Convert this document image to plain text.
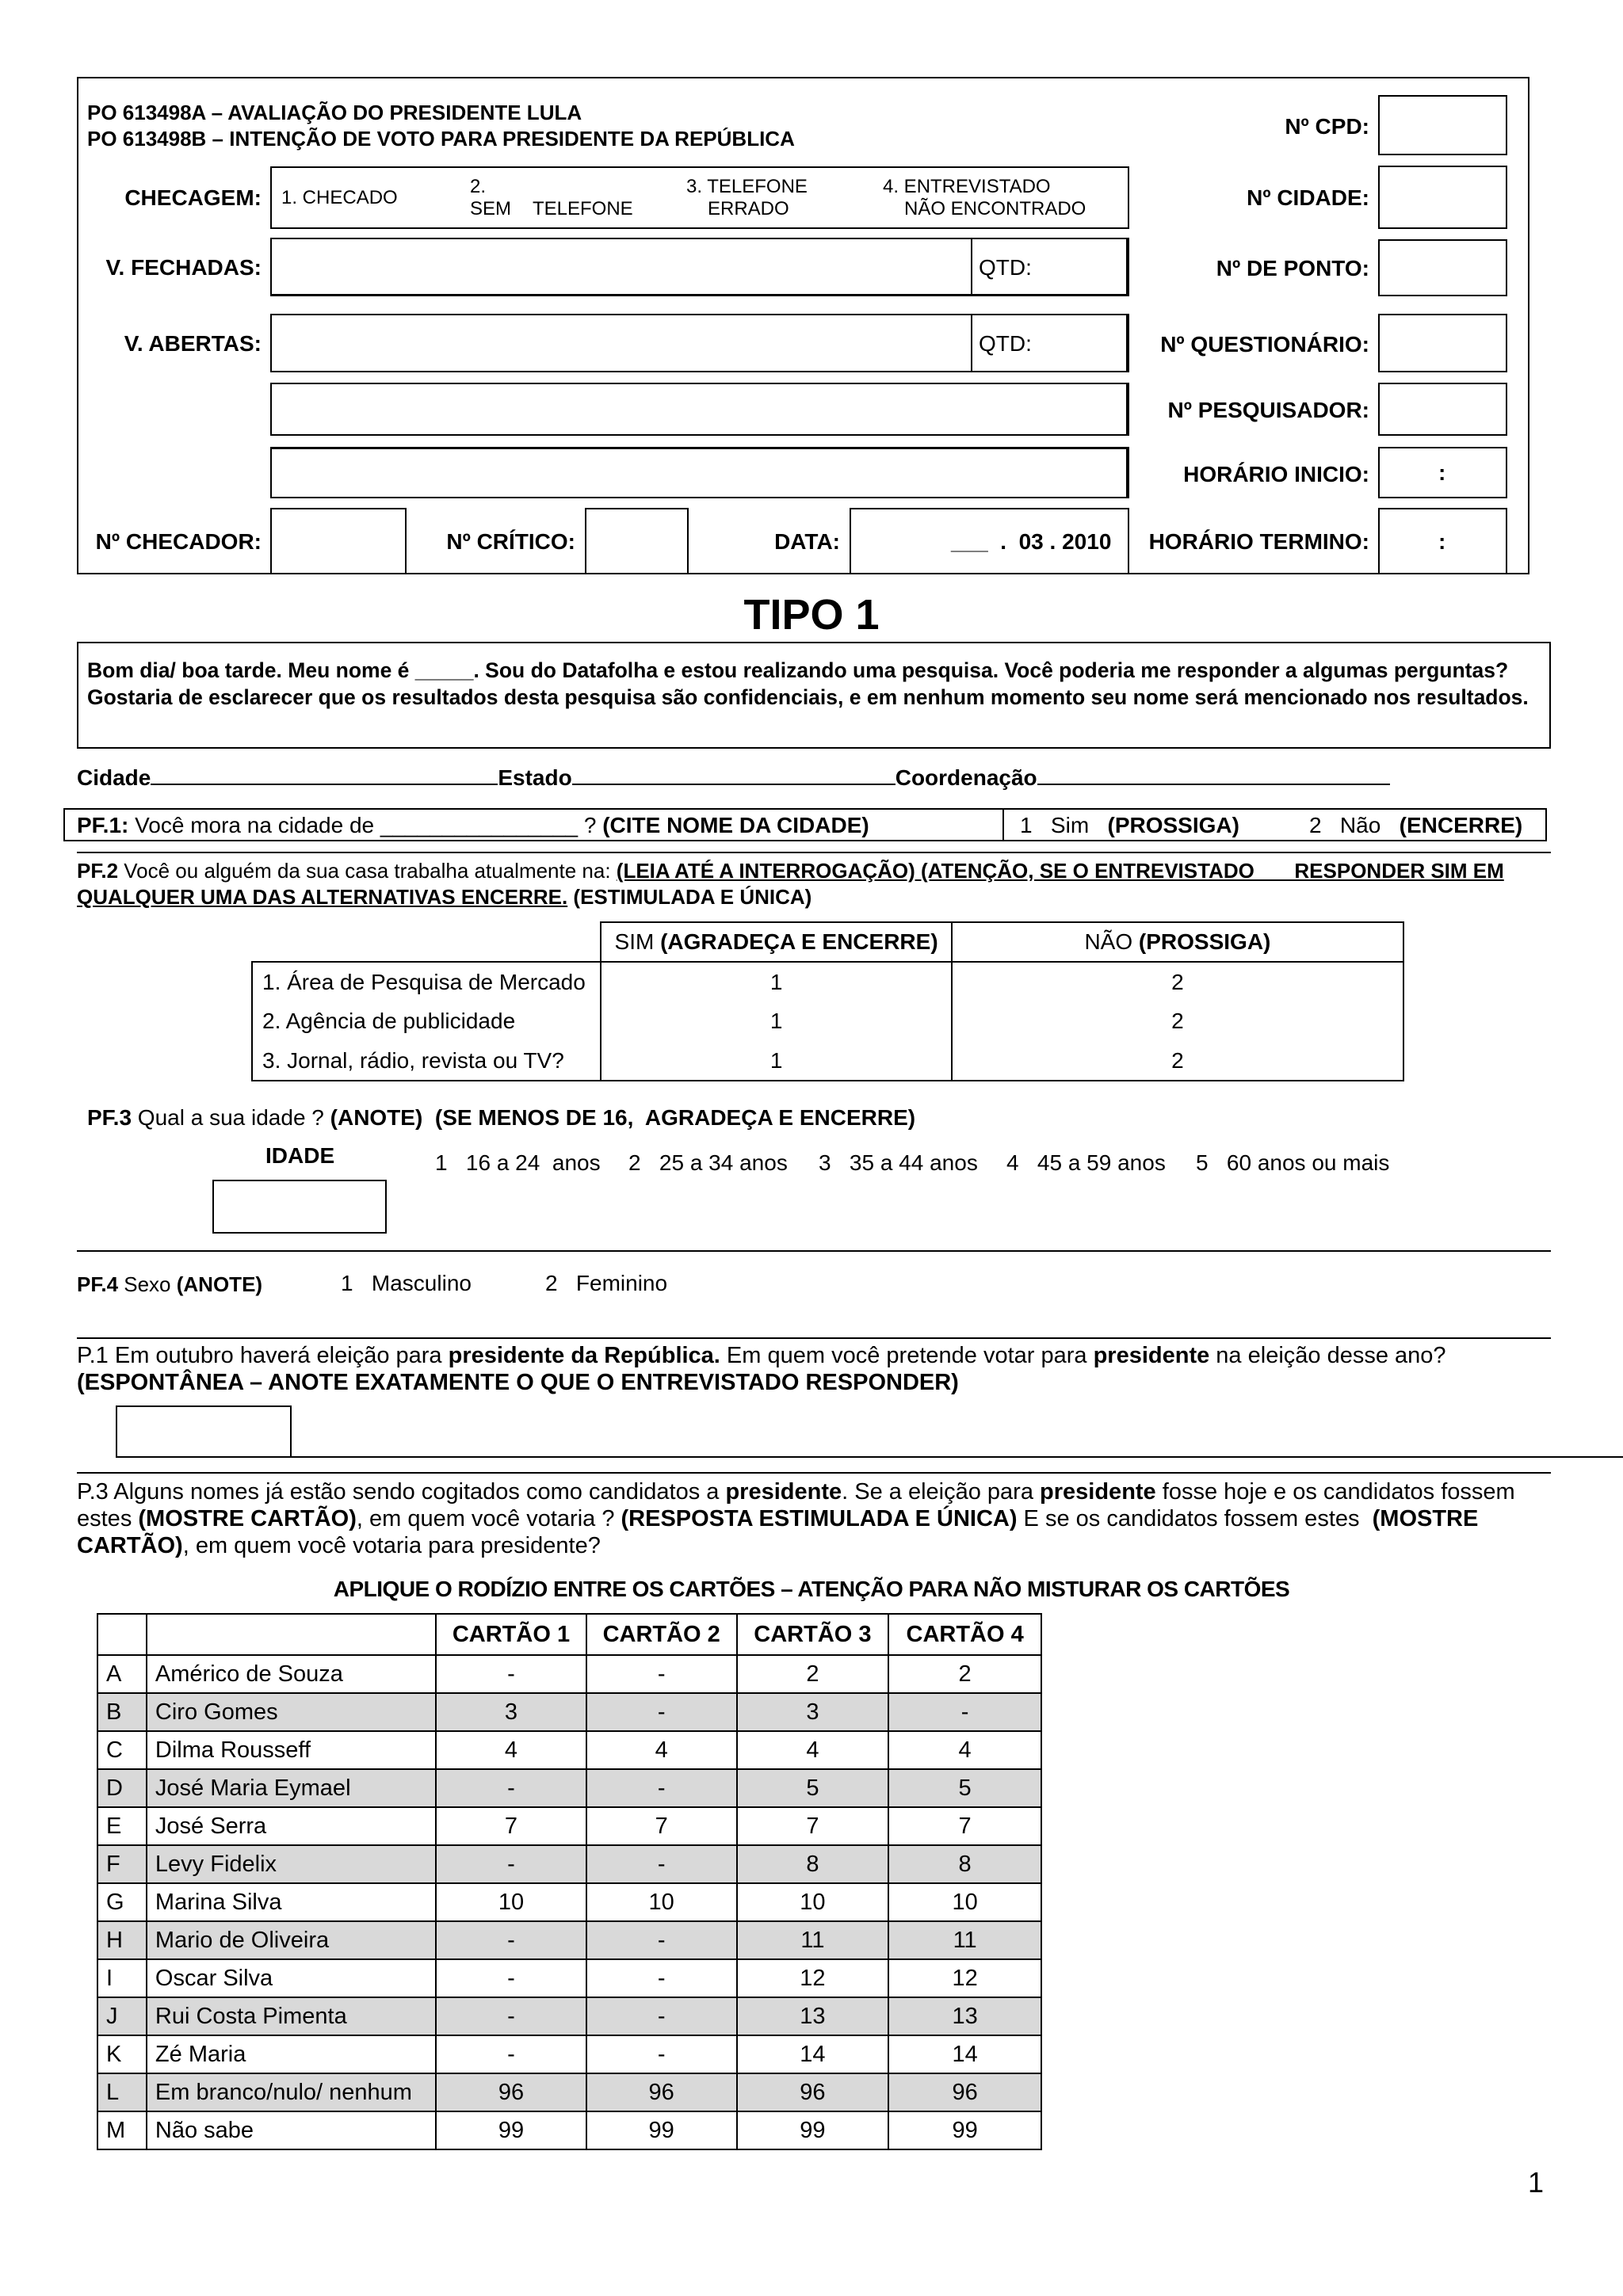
PO 613498A – AVALIAÇÃO DO PRESIDENTE LULA
PO 613498B – INTENÇÃO DE VOTO PARA PRESIDENTE DA REPÚBLICA
CHECAGEM: 1. CHECADO
2.
SEM TELEFONE
3. TELEFONE
ERRADO
4. ENTREVISTADO
NÃO ENCONTRADO
V. FECHADAS:	QTD:
V. ABERTAS:	QTD:
Nº CHECADOR:	Nº CRÍTICO:	DATA:	___  .  03 . 2010
Nº CPD:
Nº CIDADE:
Nº DE PONTO:
Nº QUESTIONÁRIO:
Nº PESQUISADOR:
HORÁRIO INICIO:	:
HORÁRIO TERMINO:	:
TIPO 1
Bom dia/ boa tarde. Meu nome é _____. Sou do Datafolha e estou realizando uma pesquisa. Você poderia me responder a algumas perguntas? Gostaria de esclarecer que os resultados desta pesquisa são confidenciais, e em nenhum momento seu nome será mencionado nos resultados.
Cidade	Estado	Coordenação
PF.1: Você mora na cidade de ________________ ? (CITE NOME DA CIDADE)	1 Sim (PROSSIGA)	2 Não (ENCERRE)
PF.2 Você ou alguém da sua casa trabalha atualmente na: (LEIA ATÉ A INTERROGAÇÃO) (ATENÇÃO, SE O ENTREVISTADO       RESPONDER SIM EM
QUALQUER UMA DAS ALTERNATIVAS ENCERRE. (ESTIMULADA E ÚNICA)
	SIM (AGRADEÇA E ENCERRE)	NÃO (PROSSIGA)
1. Área de Pesquisa de Mercado	1	2
2. Agência de publicidade	1	2
3. Jornal, rádio, revista ou TV?	1	2
PF.3 Qual a sua idade ? (ANOTE)  (SE MENOS DE 16,  AGRADEÇA E ENCERRE)
IDADE	1   16 a 24  anos 2   25 a 34 anos 3   35 a 44 anos 4   45 a 59 anos 5   60 anos ou mais
PF.4 Sexo (ANOTE)	1   Masculino	2   Feminino
P.1 Em outubro haverá eleição para presidente da República. Em quem você pretende votar para presidente na eleição desse ano?
(ESPONTÂNEA – ANOTE EXATAMENTE O QUE O ENTREVISTADO RESPONDER)
P.3 Alguns nomes já estão sendo cogitados como candidatos a presidente. Se a eleição para presidente fosse hoje e os candidatos fossem
estes (MOSTRE CARTÃO), em quem você votaria ? (RESPOSTA ESTIMULADA E ÚNICA) E se os candidatos fossem estes  (MOSTRE
CARTÃO), em quem você votaria para presidente?
APLIQUE O RODÍZIO ENTRE OS CARTÕES – ATENÇÃO PARA NÃO MISTURAR OS CARTÕES
		CARTÃO 1	CARTÃO 2	CARTÃO 3	CARTÃO 4
A	Américo de Souza	-	-	2	2
B	Ciro Gomes	3	-	3	-
C	Dilma Rousseff	4	4	4	4
D	José Maria Eymael	-	-	5	5
E	José Serra	7	7	7	7
F	Levy Fidelix	-	-	8	8
G	Marina Silva	10	10	10	10
H	Mario de Oliveira	-	-	11	11
I	Oscar Silva	-	-	12	12
J	Rui Costa Pimenta	-	-	13	13
K	Zé Maria	-	-	14	14
L	Em branco/nulo/ nenhum	96	96	96	96
M	Não sabe	99	99	99	99
1
